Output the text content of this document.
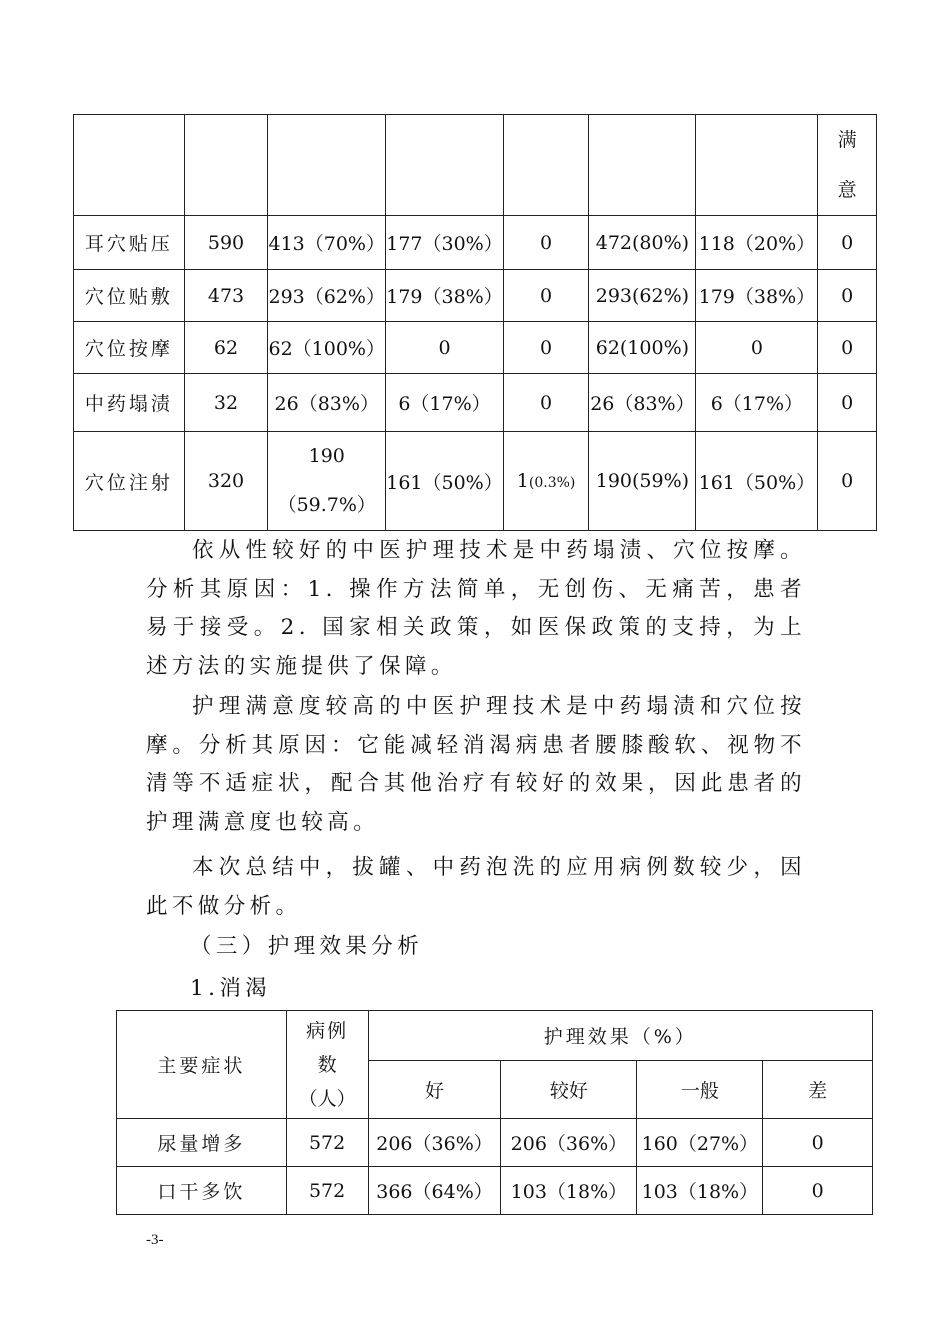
							满
意

耳穴贴压	590	413（70%）	177（30%）	0	472(80%)	118（20%）	0
穴位贴敷	473	293（62%）	179（38%）	0	293(62%)	179（38%）	0
穴位按摩	62	62（100%）	0	0	62(100%)	0	0
中药塌渍	32	26（83%）	6（17%）	0	26（83%）	6（17%）	0
穴位注射	320	190
（59.7%）	161（50%）	1(0.3%)	190(59%)	161（50%）	0

依从性较好的中医护理技术是中药塌渍、穴位按摩。分析其原因：1. 操作方法简单，无创伤、无痛苦，患者易于接受。2. 国家相关政策，如医保政策的支持，为上述方法的实施提供了保障。

护理满意度较高的中医护理技术是中药塌渍和穴位按摩。分析其原因：它能减轻消渴病患者腰膝酸软、视物不清等不适症状，配合其他治疗有较好的效果，因此患者的护理满意度也较高。

本次总结中，拔罐、中药泡洗的应用病例数较少，因此不做分析。

（三）护理效果分析

1.消渴

主要症状	病例
数
（人）	护理效果（%）			
		好	较好	一般	差
尿量增多	572	206（36%）	206（36%）	160（27%）	0
口干多饮	572	366（64%）	103（18%）	103（18%）	0
-3-
